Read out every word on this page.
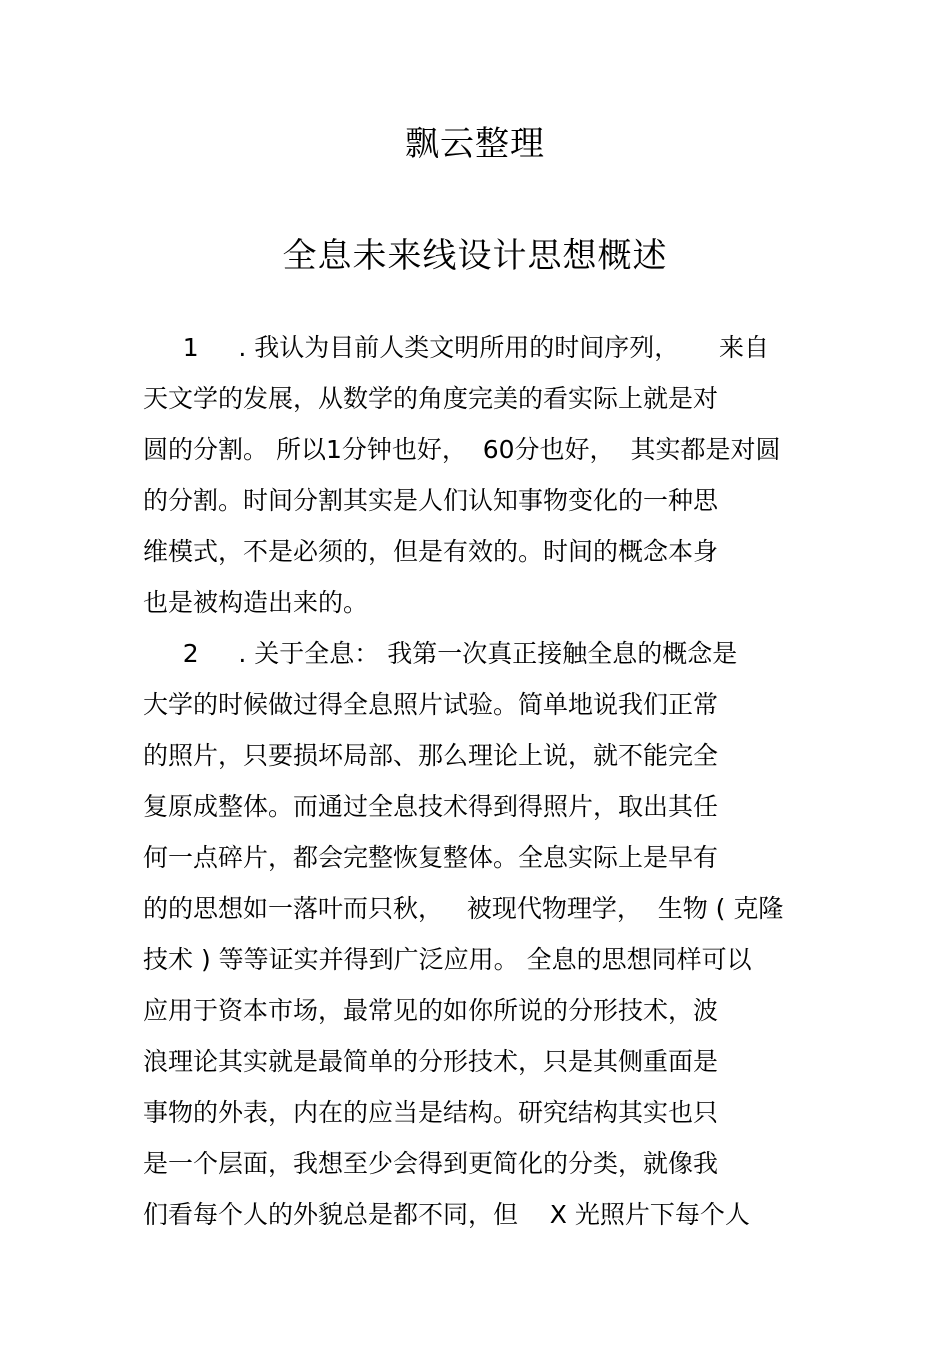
飘云整理
全息未来线设计思想概述
1     . 我认为目前人类文明所用的时间序列，     来自
天文学的发展，从数学的角度完美的看实际上就是对
圆的分割。 所以1分钟也好，  60分也好，  其实都是对圆
的分割。时间分割其实是人们认知事物变化的一种思
维模式，不是必须的，但是有效的。时间的概念本身
也是被构造出来的。
2     . 关于全息： 我第一次真正接触全息的概念是
大学的时候做过得全息照片试验。简单地说我们正常
的照片，只要损坏局部、那么理论上说，就不能完全
复原成整体。而通过全息技术得到得照片，取出其任
何一点碎片，都会完整恢复整体。全息实际上是早有
的的思想如一落叶而只秋，   被现代物理学，  生物 ( 克隆
技术 ) 等等证实并得到广泛应用。 全息的思想同样可以
应用于资本市场，最常见的如你所说的分形技术，波
浪理论其实就是最简单的分形技术，只是其侧重面是
事物的外表，内在的应当是结构。研究结构其实也只
是一个层面，我想至少会得到更简化的分类，就像我
们看每个人的外貌总是都不同，但    X 光照片下每个人
